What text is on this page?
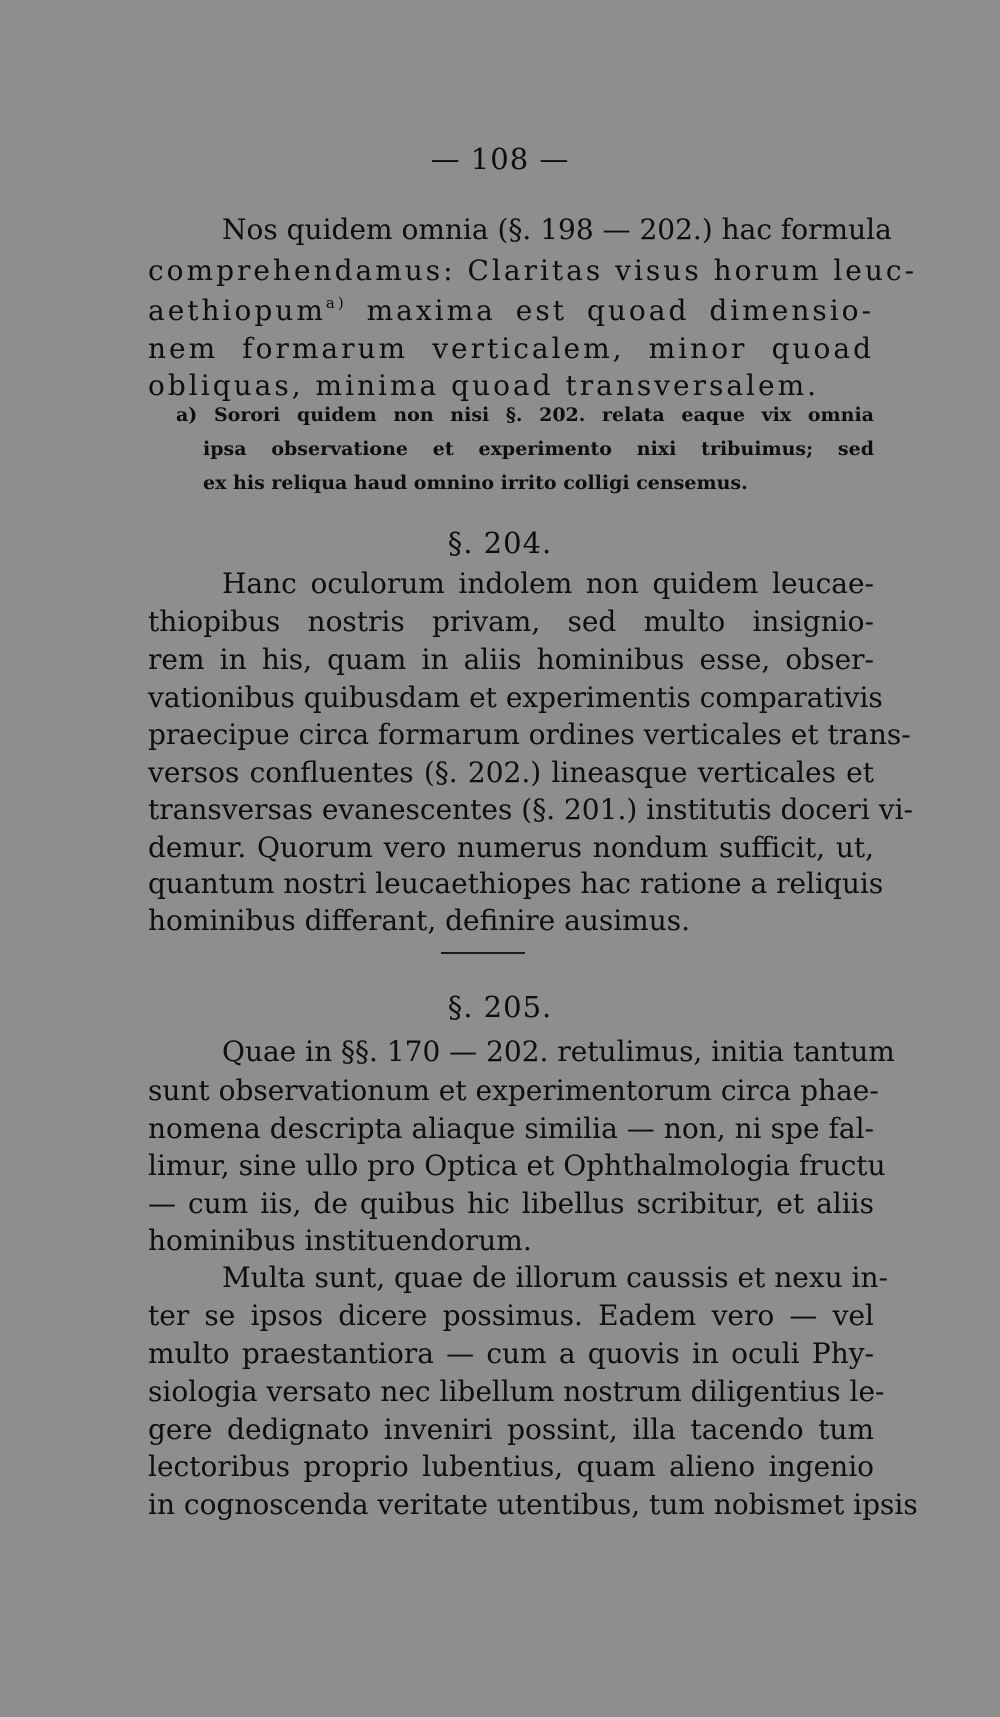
— 108 —
Nos quidem omnia (§. 198 — 202.) hac formula
comprehendamus: Claritas visus horum leuc-
aethiopum$^{a)}$ maxima est quoad dimensio-
nem formarum verticalem, minor quoad
obliquas, minima quoad transversalem.
a) Sorori quidem non nisi §. 202. relata eaque vix omnia
ipsa observatione et experimento nixi tribuimus; sed
ex his reliqua haud omnino irrito colligi censemus.
§. 204.
Hanc oculorum indolem non quidem leucae-
thiopibus nostris privam, sed multo insignio-
rem in his, quam in aliis hominibus esse, obser-
vationibus quibusdam et experimentis comparativis
praecipue circa formarum ordines verticales et trans-
versos confluentes (§. 202.) lineasque verticales et
transversas evanescentes (§. 201.) institutis doceri vi-
demur. Quorum vero numerus nondum sufficit, ut,
quantum nostri leucaethiopes hac ratione a reliquis
hominibus differant, definire ausimus.
§. 205.
Quae in §§. 170 — 202. retulimus, initia tantum
sunt observationum et experimentorum circa phae-
nomena descripta aliaque similia — non, ni spe fal-
limur, sine ullo pro Optica et Ophthalmologia fructu
— cum iis, de quibus hic libellus scribitur, et aliis
hominibus instituendorum.
Multa sunt, quae de illorum caussis et nexu in-
ter se ipsos dicere possimus. Eadem vero — vel
multo praestantiora — cum a quovis in oculi Phy-
siologia versato nec libellum nostrum diligentius le-
gere dedignato inveniri possint, illa tacendo tum
lectoribus proprio lubentius, quam alieno ingenio
in cognoscenda veritate utentibus, tum nobismet ipsis
